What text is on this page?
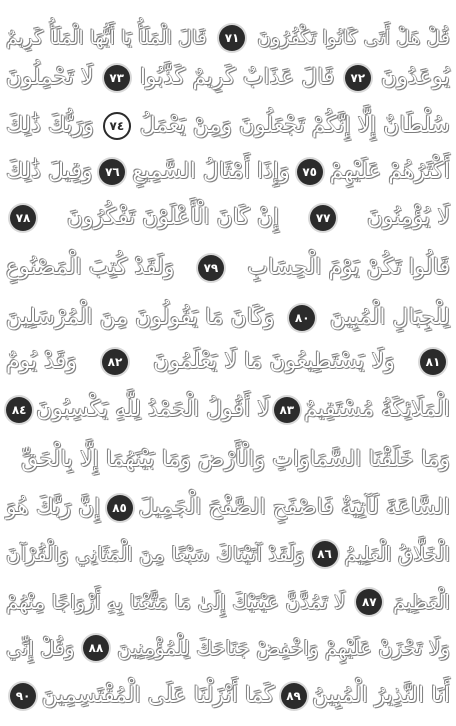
قُلْ هَلْ أَتَى كَانُوا تَكْفُرُونَ
٧١
قَالَ الْمَلَأُ يَا أَيُّهَا الْمَلَأُ كَرِيمٌ
يُوعَدُونَ
٧٢
قَالَ عَذَابٌ كَرِيمٌ كَذَّبُوا
٧٣
لَا تَحْمِلُونَ
سُلْطَانٌ إِلَّا إِنَّكُمْ تَجْعَلُونَ وَمِنْ يَعْمَلُ
٧٤
وَرَبُّكَ ذَٰلِكَ
أَكْثَرُهُمْ عَلَيْهِمْ
٧٥
وَإِذَا أَمْثَالُ السَّمِيعِ
٧٦
وَقِيلَ ذَٰلِكَ
لَا يُؤْمِنُونَ
٧٧
إِنْ كَانَ الْأَعْلَوْنَ تَفْكُرُونَ
٧٨
قَالُوا تَكُنْ يَوْمَ الْحِسَابِ
٧٩
وَلَقَدْ كُتِبَ الْمَصْنُوعِ
لِلْجِبَالِ الْمُبِينَ
٨٠
وَكَانَ مَا يَقُولُونَ مِنَ الْمُرْسَلِينَ
٨١
وَلَا يَسْتَطِيعُونَ مَا لَا يَعْلَمُونَ
٨٢
وَقَدْ يُومٌ
الْمَلَائِكَةُ مُسْتَقِيمٌ
٨٣
لَا أَقُولُ الْحَمْدُ لِلَّهِ يَكْسِبُونَ
٨٤
وَمَا خَلَقْنَا السَّمَاوَاتِ وَالْأَرْضَ وَمَا بَيْنَهُمَا إِلَّا بِالْحَقِّ
السَّاعَةَ لَآتِيَةٌ فَاصْفَحِ الصَّفْحَ الْجَمِيلَ
٨٥
إِنَّ رَبَّكَ هُوَ
الْخَلَّاقُ الْعَلِيمُ
٨٦
وَلَقَدْ آتَيْنَاكَ سَبْعًا مِنَ الْمَثَانِي وَالْقُرْآنَ
الْعَظِيمَ
٨٧
لَا تَمُدَّنَّ عَيْنَيْكَ إِلَىٰ مَا مَتَّعْنَا بِهِ أَزْوَاجًا مِنْهُمْ
وَلَا تَحْزَنْ عَلَيْهِمْ وَاخْفِضْ جَنَاحَكَ لِلْمُؤْمِنِينَ
٨٨
وَقُلْ إِنِّي
أَنَا النَّذِيرُ الْمُبِينُ
٨٩
كَمَا أَنْزَلْنَا عَلَى الْمُقْتَسِمِينَ
٩٠
